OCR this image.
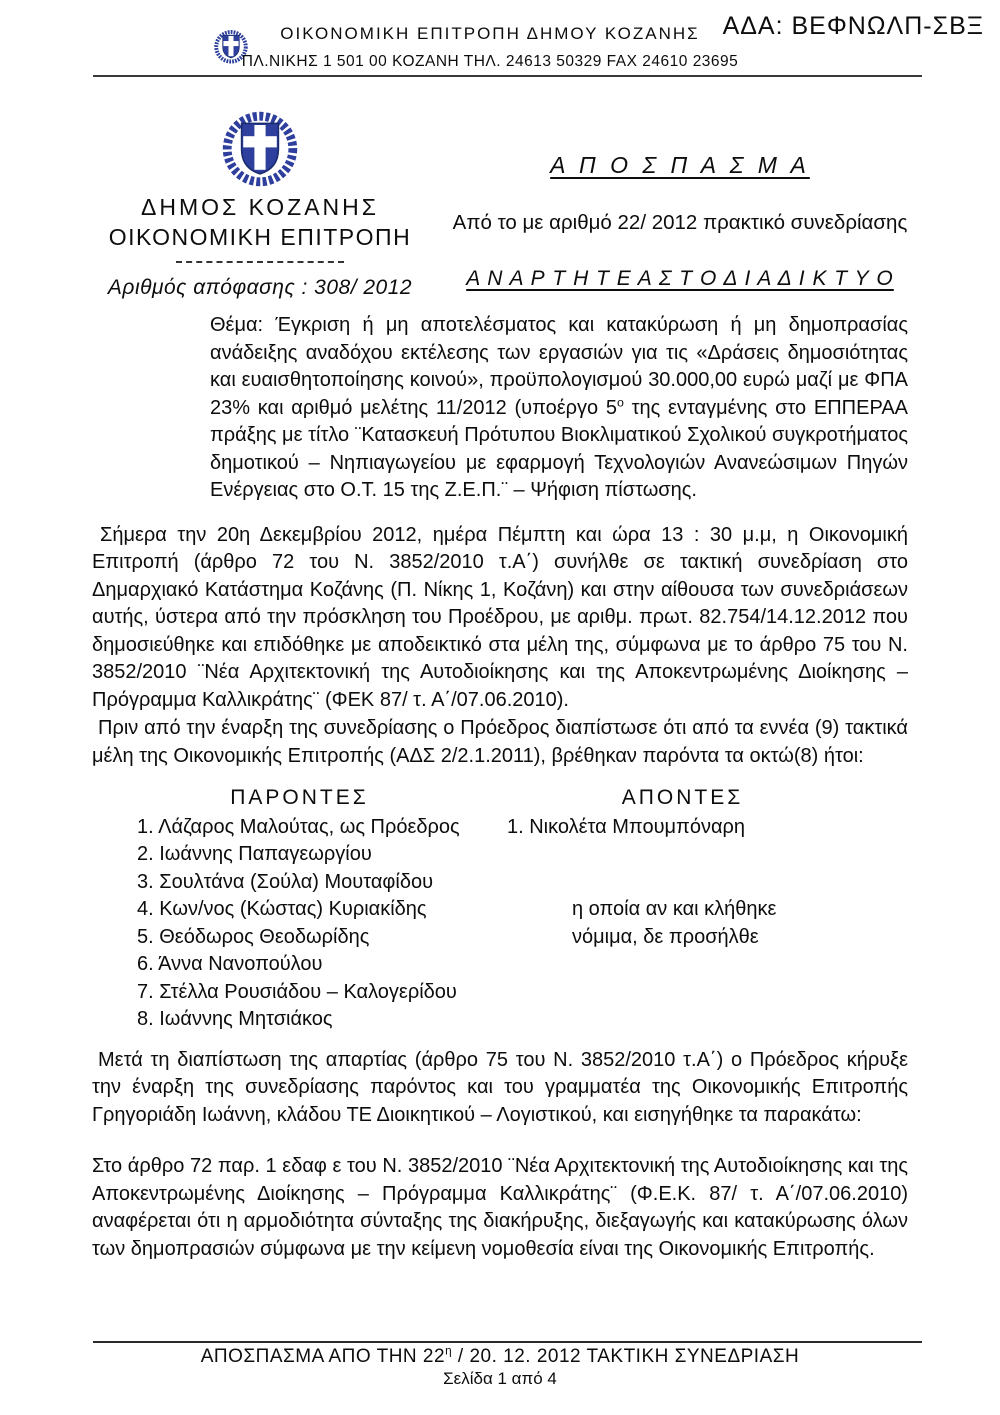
ΟΙΚΟΝΟΜΙΚΗ ΕΠΙΤΡΟΠΗ ΔΗΜΟΥ ΚΟΖΑΝΗΣ
ΠΛ.ΝΙΚΗΣ 1 501 00 ΚΟΖΑΝΗ ΤΗΛ. 24613 50329 FAX 24610 23695
ΑΔΑ: ΒΕΦΝΩΛΠ-ΣΒΞ
ΔΗΜΟΣ ΚΟΖΑΝΗΣ
ΟΙΚΟΝΟΜΙΚΗ ΕΠΙΤΡΟΠΗ
Αριθμός απόφασης : 308/ 2012
Α Π Ο Σ Π Α Σ Μ Α
Από το με αριθμό 22/ 2012 πρακτικό συνεδρίασης
Α Ν Α Ρ Τ Η Τ Ε Α Σ Τ Ο Δ Ι Α Δ Ι Κ Τ Υ Ο
Θέμα: Έγκριση ή μη αποτελέσματος και κατακύρωση ή μη δημοπρασίας ανάδειξης αναδόχου εκτέλεσης των εργασιών για τις «Δράσεις δημοσιότητας και ευαισθητοποίησης κοινού», προϋπολογισμού 30.000,00 ευρώ μαζί με ΦΠΑ 23% και αριθμό μελέτης 11/2012 (υποέργο $5^o$ της ενταγμένης στο ΕΠΠΕΡΑΑ πράξης με τίτλο ¨Κατασκευή Πρότυπου Βιοκλιματικού Σχολικού συγκροτήματος δημοτικού – Νηπιαγωγείου με εφαρμογή Τεχνολογιών Ανανεώσιμων Πηγών Ενέργειας στο Ο.Τ. 15 της Ζ.Ε.Π.¨ – Ψήφιση πίστωσης.
Σήμερα την 20η Δεκεμβρίου 2012, ημέρα Πέμπτη και ώρα 13 : 30 μ.μ, η Οικονομική Επιτροπή (άρθρο 72 του Ν. 3852/2010 τ.Α΄) συνήλθε σε τακτική συνεδρίαση στο Δημαρχιακό Κατάστημα Κοζάνης (Π. Νίκης 1, Κοζάνη) και στην αίθουσα των συνεδριάσεων αυτής, ύστερα από την πρόσκληση του Προέδρου, με αριθμ. πρωτ. 82.754/14.12.2012 που δημοσιεύθηκε και επιδόθηκε με αποδεικτικό στα μέλη της, σύμφωνα με το άρθρο 75 του Ν. 3852/2010 ¨Νέα Αρχιτεκτονική της Αυτοδιοίκησης και της Αποκεντρωμένης Διοίκησης – Πρόγραμμα Καλλικράτης¨ (ΦΕΚ 87/ τ. Α΄/07.06.2010).
Πριν από την έναρξη της συνεδρίασης ο Πρόεδρος διαπίστωσε ότι από τα εννέα (9) τακτικά μέλη της Οικονομικής Επιτροπής (ΑΔΣ 2/2.1.2011), βρέθηκαν παρόντα τα οκτώ(8) ήτοι:
ΠΑΡΟΝΤΕΣ	ΑΠΟΝΤΕΣ
1. Λάζαρος Μαλούτας, ως Πρόεδρος	1. Νικολέτα Μπουμπόναρη
2. Ιωάννης Παπαγεωργίου
3. Σουλτάνα (Σούλα) Μουταφίδου
4. Κων/νος (Κώστας) Κυριακίδης	η οποία αν και κλήθηκε
5. Θεόδωρος Θεοδωρίδης	νόμιμα, δε προσήλθε
6. Άννα Νανοπούλου
7. Στέλλα Ρουσιάδου – Καλογερίδου
8. Ιωάννης Μητσιάκος
Μετά τη διαπίστωση της απαρτίας (άρθρο 75 του Ν. 3852/2010 τ.Α΄) ο Πρόεδρος κήρυξε την έναρξη της συνεδρίασης παρόντος και του γραμματέα της Οικονομικής Επιτροπής Γρηγοριάδη Ιωάννη, κλάδου ΤΕ Διοικητικού – Λογιστικού, και εισηγήθηκε τα παρακάτω:
Στο άρθρο 72 παρ. 1 εδαφ ε του Ν. 3852/2010 ¨Νέα Αρχιτεκτονική της Αυτοδιοίκησης και της Αποκεντρωμένης Διοίκησης – Πρόγραμμα Καλλικράτης¨ (Φ.Ε.Κ. 87/ τ. Α΄/07.06.2010) αναφέρεται ότι η αρμοδιότητα σύνταξης της διακήρυξης, διεξαγωγής και κατακύρωσης όλων των δημοπρασιών σύμφωνα με την κείμενη νομοθεσία είναι της Οικονομικής Επιτροπής.
ΑΠΟΣΠΑΣΜΑ ΑΠΟ ΤΗΝ $22^\eta / 20$. 12. 2012 ΤΑΚΤΙΚΗ ΣΥΝΕΔΡΙΑΣΗ
Σελίδα 1 από 4
